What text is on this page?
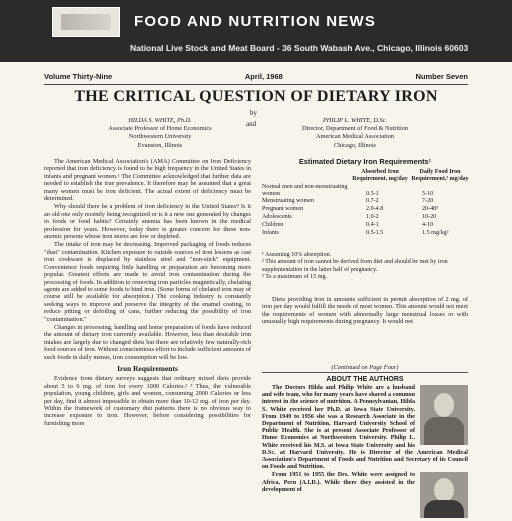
FOOD AND NUTRITION NEWS
National Live Stock and Meat Board - 36 South Wabash Ave., Chicago, Illinois 60603
Volume Thirty-Nine	April, 1968	Number Seven
THE CRITICAL QUESTION OF DIETARY IRON
by
and
HILDA S. WHITE, Ph.D.
Associate Professor of Home Economics
Northwestern University
Evanston, Illinois
PHILIP L. WHITE, D.Sc.
Director, Department of Food & Nutrition
American Medical Association
Chicago, Illinois

The American Medical Association's (AMA) Committee on Iron Deficiency reported that iron deficiency is found to be high frequency in the United States in infants and pregnant women.¹ The Committee acknowledged that further data are needed to establish the true prevalence. It therefore may be assumed that a great many women must be iron deficient. The actual extent of deficiency must be determined.

Why should there be a problem of iron deficiency in the United States? Is it an old one only recently being recognized or is it a new one generated by changes in foods or food habits? Certainly anemia has been known in the medical profession for years. However, today there is greater concern for these non-anemic persons whose iron stores are low or depleted.

The intake of iron may be decreasing. Improved packaging of foods reduces "dust" contamination. Kitchen exposure to outside sources of iron lessens as cast iron cookware is displaced by stainless steel and "non-stick" equipment. Convenience foods requiring little handling or preparation are becoming more popular. Greatest efforts are made to avoid iron contamination during the processing of foods. In addition to removing iron particles magnetically, chelating agents are added to some foods to bind iron. (Some forms of chelated iron may of course still be available for absorption.) The cooking industry is constantly seeking ways to improve and preserve the integrity of the enamel coating, to reduce pitting or defoiling of cans, further reducing the possibility of iron "contamination."

Changes in processing, handling and home preparation of foods have reduced the amount of dietary iron currently available. However, less than desirable iron intakes are largely due to changed diets but there are relatively few naturally-rich food sources of iron. Without conscientious effort to include sufficient amounts of such foods in daily menus, iron consumption will be low.

Iron Requirements

Evidence from dietary surveys suggests that ordinary mixed diets provide about 5 to 6 mg. of iron for every 1000 Calories.² ³ Thus, the vulnerable population, young children, girls and women, consuming 2000 Calories or less per day, find it almost impossible to obtain more than 10-12 mg. of iron per day. Within the framework of customary diet patterns there is no obvious way to increase exposure to iron. However, before considering possibilities for furnishing more

Estimated Dietary Iron Requirements¹
Absorbed Iron Requirement, mg/day
Daily Food Iron Requirement,² mg/day
Normal men and non-menstruating women	0.5-1	5-10
Menstruating women	0.7-2	7-20
Pregnant women	2.0-4.8	20-48³
Adolescents	1.0-2	10-20
Children	0.4-1	4-10
Infants	0.5-1.5	1.5 mg/kg²
¹ Assuming 10% absorption.
² This amount of iron cannot be derived from diet and should be met by iron supplementation in the latter half of pregnancy.
³ To a maximum of 15 mg.

Diets providing iron in amounts sufficient to permit absorption of 2 mg. of iron per day would fulfill the needs of most women. This amount would not meet the requirements of women with abnormally large menstrual losses or with unusually high requirements during pregnancy. It would not

(Continued on Page Four)
ABOUT THE AUTHORS

The Doctors Hilda and Philip White are a husband and wife team, who for many years have shared a common interest in the science of nutrition. A Pennsylvanian, Hilda S. White received her Ph.D. at Iowa State University. From 1949 to 1956 she was a Research Associate in the Department of Nutrition, Harvard University School of Public Health. She is at present Associate Professor of Home Economics at Northwestern University. Philip L. White received his M.S. at Iowa State University and his D.Sc. at Harvard University. He is Director of the American Medical Association's Department of Foods and Nutrition and Secretary of its Council on Foods and Nutrition.

From 1951 to 1955 the Drs. White were assigned to Africa, Peru (A.I.D.). While there they assisted in the development of
